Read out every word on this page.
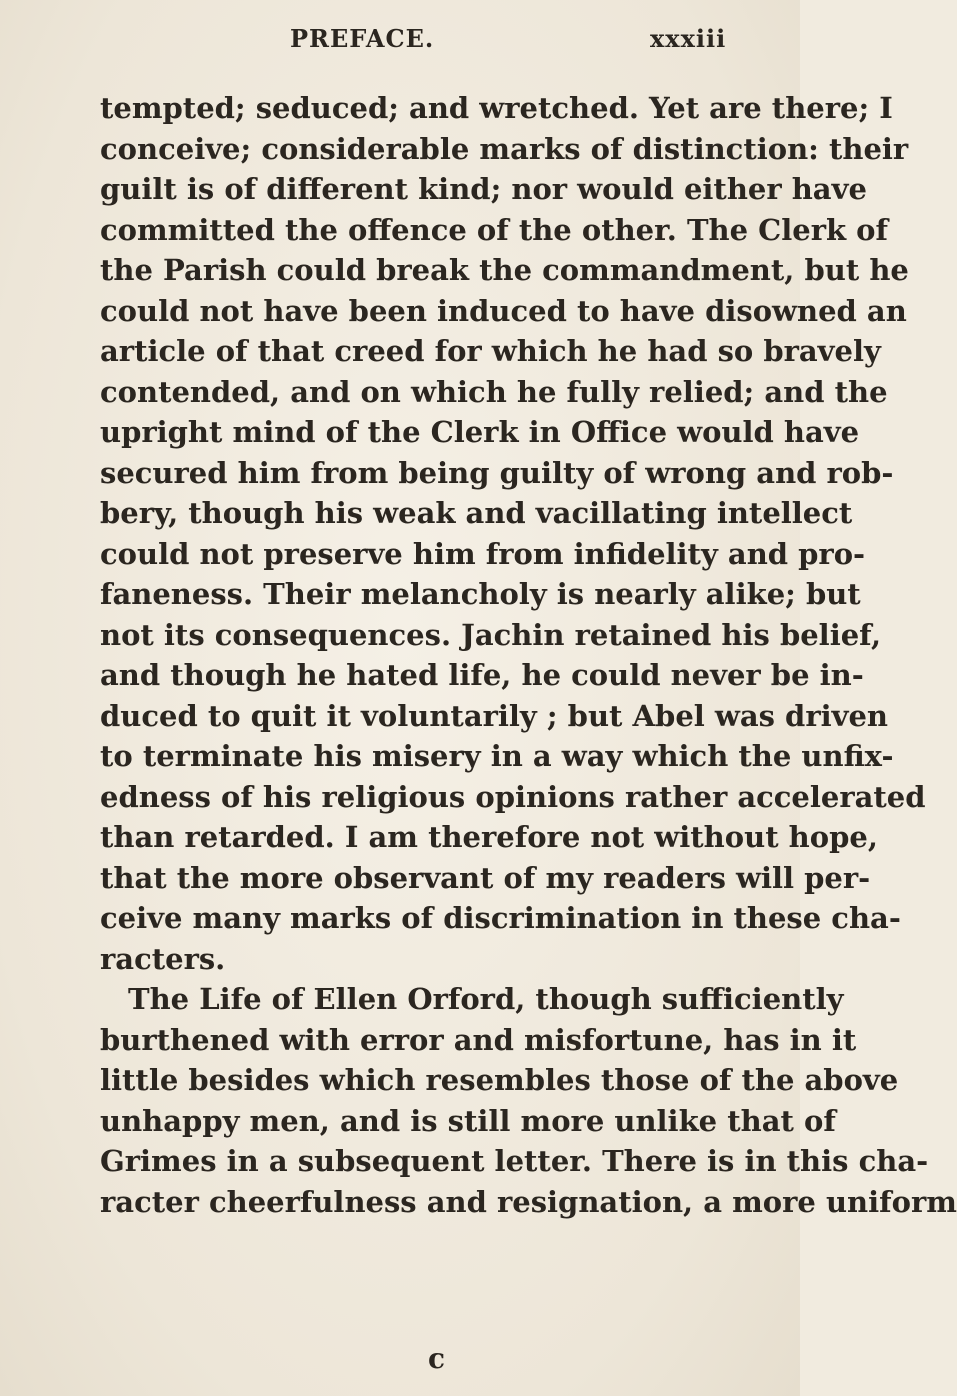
PREFACE.	xxxiii
tempted; seduced; and wretched. Yet are there; I
conceive; considerable marks of distinction: their
guilt is of different kind; nor would either have
committed the offence of the other. The Clerk of
the Parish could break the commandment, but he
could not have been induced to have disowned an
article of that creed for which he had so bravely
contended, and on which he fully relied; and the
upright mind of the Clerk in Office would have
secured him from being guilty of wrong and rob-
bery, though his weak and vacillating intellect
could not preserve him from infidelity and pro-
faneness. Their melancholy is nearly alike; but
not its consequences. Jachin retained his belief,
and though he hated life, he could never be in-
duced to quit it voluntarily ; but Abel was driven
to terminate his misery in a way which the unfix-
edness of his religious opinions rather accelerated
than retarded. I am therefore not without hope,
that the more observant of my readers will per-
ceive many marks of discrimination in these cha-
racters.
The Life of Ellen Orford, though sufficiently
burthened with error and misfortune, has in it
little besides which resembles those of the above
unhappy men, and is still more unlike that of
Grimes in a subsequent letter. There is in this cha-
racter cheerfulness and resignation, a more uniform
c
